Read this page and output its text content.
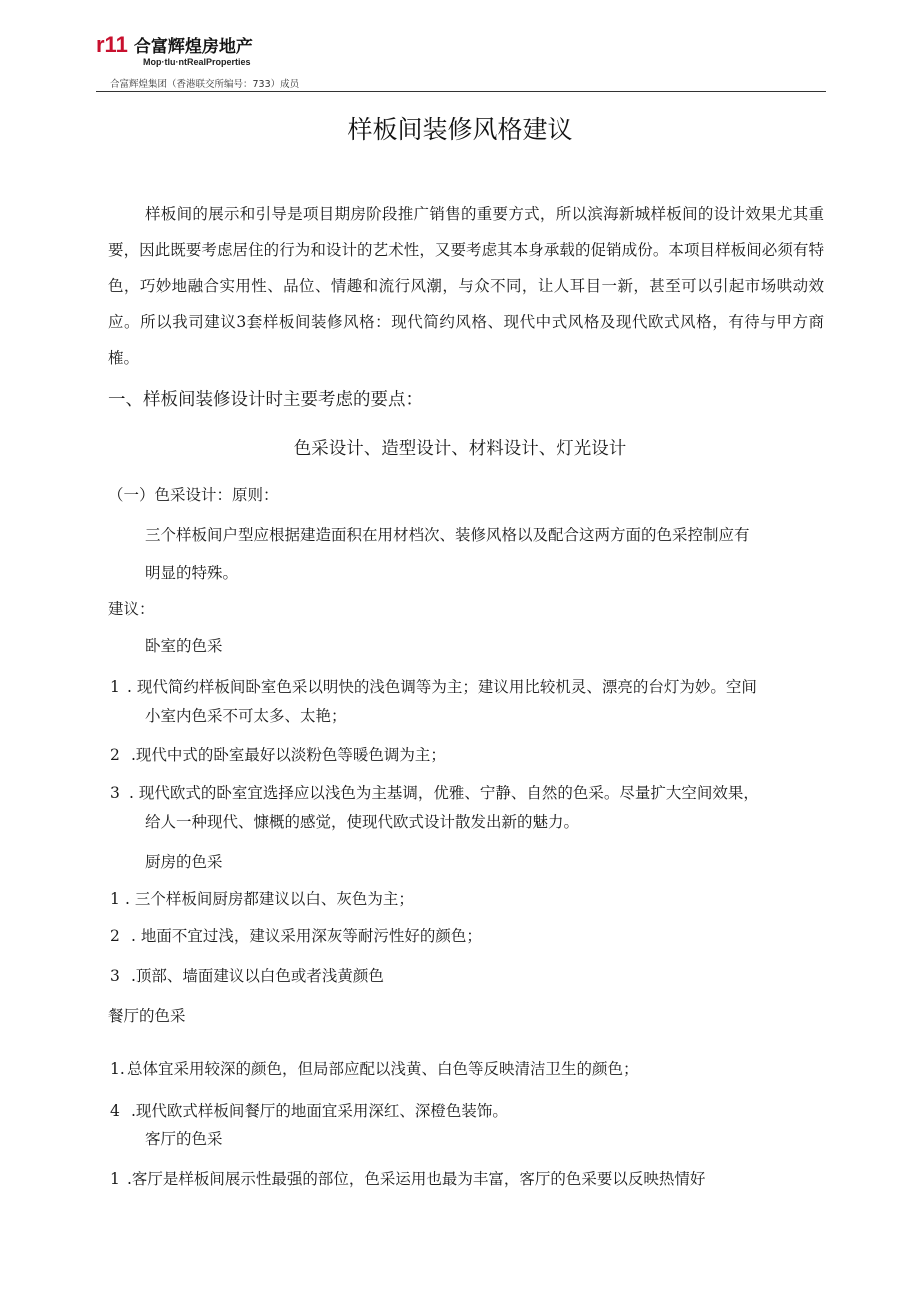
r11 合富辉煌房地产
Mop·tlu·ntRealProperties
合富辉煌集团（香港联交所编号：733）成员
样板间装修风格建议
样板间的展示和引导是项目期房阶段推广销售的重要方式，所以滨海新城样板间的设计效果尤其重要，因此既要考虑居住的行为和设计的艺术性，又要考虑其本身承载的促销成份。本项目样板间必须有特色，巧妙地融合实用性、品位、情趣和流行风潮，与众不同，让人耳目一新，甚至可以引起市场哄动效应。所以我司建议3套样板间装修风格：现代简约风格、现代中式风格及现代欧式风格，有待与甲方商榷。
一、样板间装修设计时主要考虑的要点：
色采设计、造型设计、材料设计、灯光设计
（一）色采设计：原则：
三个样板间户型应根据建造面积在用材档次、装修风格以及配合这两方面的色采控制应有
明显的特殊。
建议：
卧室的色采
1 . 现代简约样板间卧室色采以明快的浅色调等为主；建议用比较机灵、漂亮的台灯为妙。空间
小室内色采不可太多、太艳；
2 .现代中式的卧室最好以淡粉色等暖色调为主；
3 . 现代欧式的卧室宜选择应以浅色为主基调，优雅、宁静、自然的色采。尽量扩大空间效果，
给人一种现代、慷概的感觉，使现代欧式设计散发出新的魅力。
厨房的色采
1 . 三个样板间厨房都建议以白、灰色为主；
2 . 地面不宜过浅，建议采用深灰等耐污性好的颜色；
3 .顶部、墙面建议以白色或者浅黄颜色
餐厅的色采
1. 总体宜采用较深的颜色，但局部应配以浅黄、白色等反映清洁卫生的颜色；
4 .现代欧式样板间餐厅的地面宜采用深红、深橙色装饰。
客厅的色采
1 .客厅是样板间展示性最强的部位，色采运用也最为丰富，客厅的色采要以反映热情好
